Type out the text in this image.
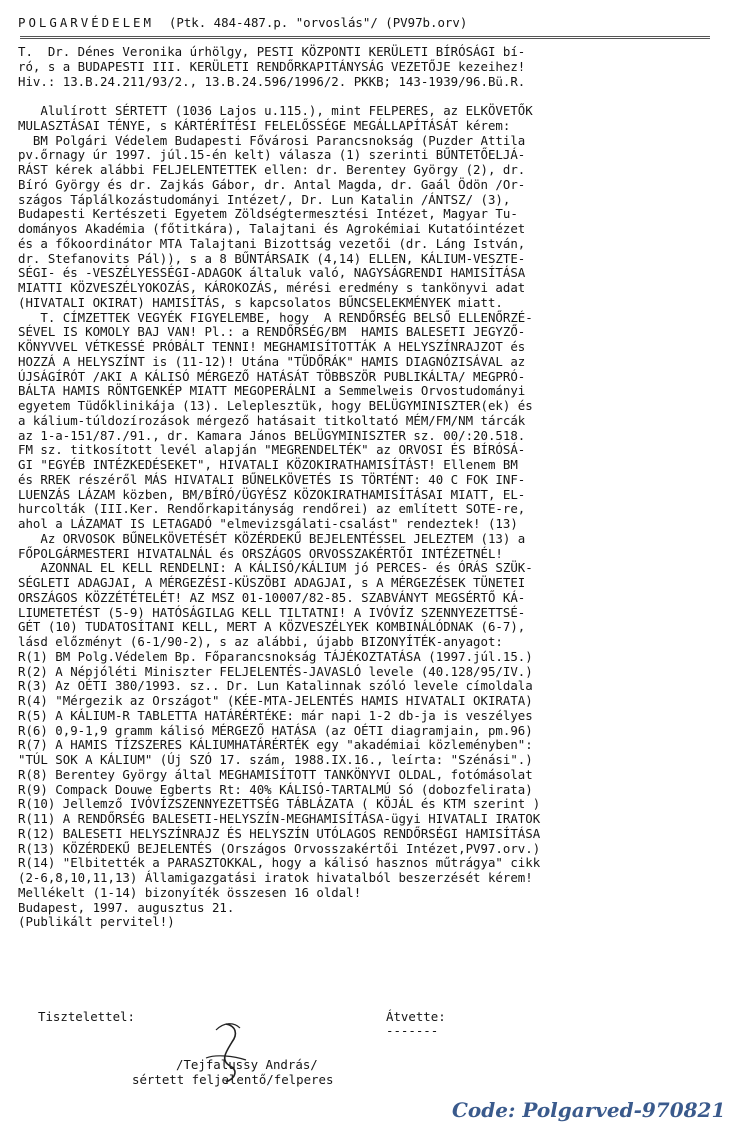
POLGARVÉDELEM (Ptk. 484-487.p. "orvoslás"/ (PV97b.orv)
T.  Dr. Dénes Veronika úrhölgy, PESTI KÖZPONTI KERÜLETI BÍRÓSÁGI bí-
ró, s a BUDAPESTI III. KERÜLETI RENDŐRKAPITÁNYSÁG VEZETŐJE kezeihez!
Hiv.: 13.B.24.211/93/2., 13.B.24.596/1996/2. PKKB; 143-1939/96.Bü.R.
Alulírott SÉRTETT (1036 Lajos u.115.), mint FELPERES, az ELKÖVETŐK
MULASZTÁSAI TÉNYE, s KÁRTÉRÍTÉSI FELELŐSSÉGE MEGÁLLAPÍTÁSÁT kérem:
BM Polgári Védelem Budapesti Fővárosi Parancsnokság (Puzder Attila
pv.őrnagy úr 1997. júl.15-én kelt) válasza (1) szerinti BŰNTETŐELJÁ-
RÁST kérek alábbi FELJELENTETTEK ellen: dr. Berentey György (2), dr.
Bíró György és dr. Zajkás Gábor, dr. Antal Magda, dr. Gaál Ödön /Or-
szágos Táplálkozástudományi Intézet/, Dr. Lun Katalin /ÁNTSZ/ (3),
Budapesti Kertészeti Egyetem Zöldségtermesztési Intézet, Magyar Tu-
dományos Akadémia (főtitkára), Talajtani és Agrokémiai Kutatóintézet
és a főkoordinátor MTA Talajtani Bizottság vezetői (dr. Láng István,
dr. Stefanovits Pál)), s a 8 BŰNTÁRSAIK (4,14) ELLEN, KÁLIUM-VESZTE-
SÉGI- és -VESZÉLYESSÉGI-ADAGOK általuk való, NAGYSÁGRENDI HAMISÍTÁSA
MIATTI KÖZVESZÉLYOKOZÁS, KÁROKOZÁS, mérési eredmény s tankönyvi adat
(HIVATALI OKIRAT) HAMISÍTÁS, s kapcsolatos BŰNCSELEKMÉNYEK miatt.
T. CÍMZETTEK VEGYÉK FIGYELEMBE, hogy  A RENDŐRSÉG BELSŐ ELLENŐRZÉ-
SÉVEL IS KOMOLY BAJ VAN! Pl.: a RENDŐRSÉG/BM  HAMIS BALESETI JEGYZŐ-
KÖNYVVEL VÉTKESSÉ PRÓBÁLT TENNI! MEGHAMISÍTOTTÁK A HELYSZÍNRAJZOT és
HOZZÁ A HELYSZÍNT is (11-12)! Utána "TÜDŐRÁK" HAMIS DIAGNÓZISÁVAL az
ÚJSÁGÍRÓT /AKI A KÁLISÓ MÉRGEZŐ HATÁSÁT TÖBBSZÖR PUBLIKÁLTA/ MEGPRÓ-
BÁLTA HAMIS RÖNTGENKÉP MIATT MEGOPERÁLNI a Semmelweis Orvostudományi
egyetem Tüdőklinikája (13). Leleplesztük, hogy BELÜGYMINISZTER(ek) és
a kálium-túldozírozások mérgező hatásait titkoltató MÉM/FM/NM tárcák
az 1-a-151/87./91., dr. Kamara János BELÜGYMINISZTER sz. 00/:20.518.
FM sz. titkosított levél alapján "MEGRENDELTÉK" az ORVOSI ÉS BÍRÓSÁ-
GI "EGYÉB INTÉZKEDÉSEKET", HIVATALI KÖZOKIRATHAMISÍTÁST! Ellenem BM
és RREK részéről MÁS HIVATALI BŰNELKÖVETÉS IS TÖRTÉNT: 40 C FOK INF-
LUENZÁS LÁZAM közben, BM/BÍRÓ/ÜGYÉSZ KÖZOKIRATHAMISÍTÁSAI MIATT, EL-
hurcolták (III.Ker. Rendőrkapitányság rendőrei) az említett SOTE-re,
ahol a LÁZAMAT IS LETAGADÓ "elmevizsgálati-csalást" rendeztek! (13)
Az ORVOSOK BŰNELKÖVETÉSÉT KÖZÉRDEKŰ BEJELENTÉSSEL JELEZTEM (13) a
FŐPOLGÁRMESTERI HIVATALNÁL és ORSZÁGOS ORVOSSZAKÉRTŐI INTÉZETNÉL!
AZONNAL EL KELL RENDELNI: A KÁLISÓ/KÁLIUM jó PERCES- és ÓRÁS SZÜK-
SÉGLETI ADAGJAI, A MÉRGEZÉSI-KÜSZÖBI ADAGJAI, s A MÉRGEZÉSEK TÜNETEI
ORSZÁGOS KÖZZÉTÉTELÉT! AZ MSZ 01-10007/82-85. SZABVÁNYT MEGSÉRTŐ KÁ-
LIUMETETÉST (5-9) HATÓSÁGILAG KELL TILTATNI! A IVÓVÍZ SZENNYEZETTSÉ-
GÉT (10) TUDATOSÍTANI KELL, MERT A KÖZVESZÉLYEK KOMBINÁLÓDNAK (6-7),
lásd előzményt (6-1/90-2), s az alábbi, újabb BIZONYÍTÉK-anyagot:
R(1) BM Polg.Védelem Bp. Főparancsnokság TÁJÉKOZTATÁSA (1997.júl.15.)
R(2) A Népjóléti Miniszter FELJELENTÉS-JAVASLÓ levele (40.128/95/IV.)
R(3) Az OÉTI 380/1993. sz.. Dr. Lun Katalinnak szóló levele címoldala
R(4) "Mérgezik az Országot" (KÉE-MTA-JELENTÉS HAMIS HIVATALI OKIRATA)
R(5) A KÁLIUM-R TABLETTA HATÁRÉRTÉKE: már napi 1-2 db-ja is veszélyes
R(6) 0,9-1,9 gramm kálisó MÉRGEZŐ HATÁSA (az OÉTI diagramjain, pm.96)
R(7) A HAMIS TÍZSZERES KÁLIUMHATÁRÉRTÉK egy "akadémiai közleményben":
"TÚL SOK A KÁLIUM" (Új SZÓ 17. szám, 1988.IX.16., leírta: "Szénási".)
R(8) Berentey György által MEGHAMISÍTOTT TANKÖNYVI OLDAL, fotómásolat
R(9) Compack Douwe Egberts Rt: 40% KÁLISÓ-TARTALMÚ Só (dobozfelirata)
R(10) Jellemző IVÓVÍZSZENNYEZETTSÉG TÁBLÁZATA ( KÖJÁL és KTM szerint )
R(11) A RENDŐRSÉG BALESETI-HELYSZÍN-MEGHAMISÍTÁSA-ügyi HIVATALI IRATOK
R(12) BALESETI HELYSZÍNRAJZ ÉS HELYSZÍN UTÓLAGOS RENDŐRSÉGI HAMISÍTÁSA
R(13) KÖZÉRDEKŰ BEJELENTÉS (Országos Orvosszakértői Intézet,PV97.orv.)
R(14) "Elbitették a PARASZTOKKAL, hogy a kálisó hasznos műtrágya" cikk
(2-6,8,10,11,13) Államigazgatási iratok hivatalból beszerzését kérem!
Mellékelt (1-14) bizonyíték összesen 16 oldal!
Budapest, 1997. augusztus 21.
(Publikált pervitel!)
Tisztelettel:	Átvette:
-------
/Tejfalussy András/
sértett feljelentő/felperes
Code: Polgarved-970821
